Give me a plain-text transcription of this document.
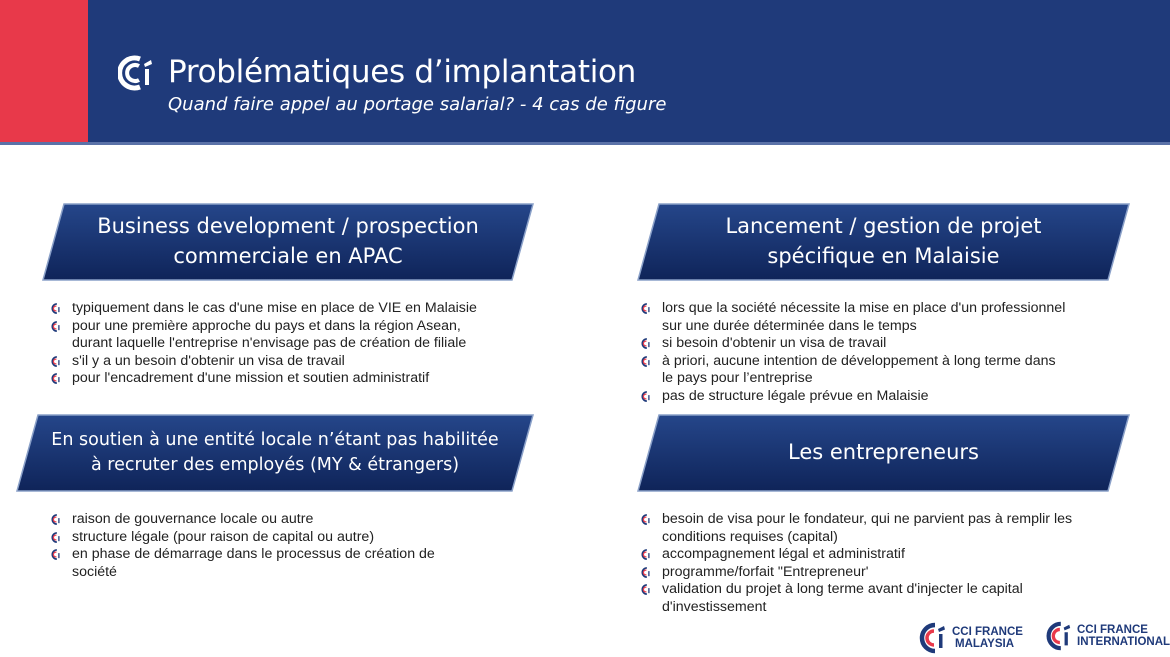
Problématiques d’implantation
Quand faire appel au portage salarial? - 4 cas de figure
Business development / prospection
commerciale en APAC
Lancement / gestion de projet
spécifique en Malaisie
En soutien à une entité locale n’étant pas habilitée
à recruter des employés (MY & étrangers)
Les entrepreneurs
typiquement dans le cas d'une mise en place de VIE en Malaisie
pour une première approche du pays et dans la région Asean,
durant laquelle l'entreprise n'envisage pas de création de filiale
s'il y a un besoin d'obtenir un visa de travail
pour l'encadrement d'une mission et soutien administratif
lors que la société nécessite la mise en place d'un professionnel
sur une durée déterminée dans le temps
si besoin d'obtenir un visa de travail
à priori, aucune intention de développement à long terme dans
le pays pour l’entreprise
pas de structure légale prévue en Malaisie
raison de gouvernance locale ou autre
structure légale (pour raison de capital ou autre)
en phase de démarrage dans le processus de création de
société
besoin de visa pour le fondateur, qui ne parvient pas à remplir les
conditions requises (capital)
accompagnement légal et administratif
programme/forfait "Entrepreneur'
validation du projet à long terme avant d'injecter le capital
d'investissement
CCI FRANCE
MALAYSIA
CCI FRANCE
INTERNATIONAL
